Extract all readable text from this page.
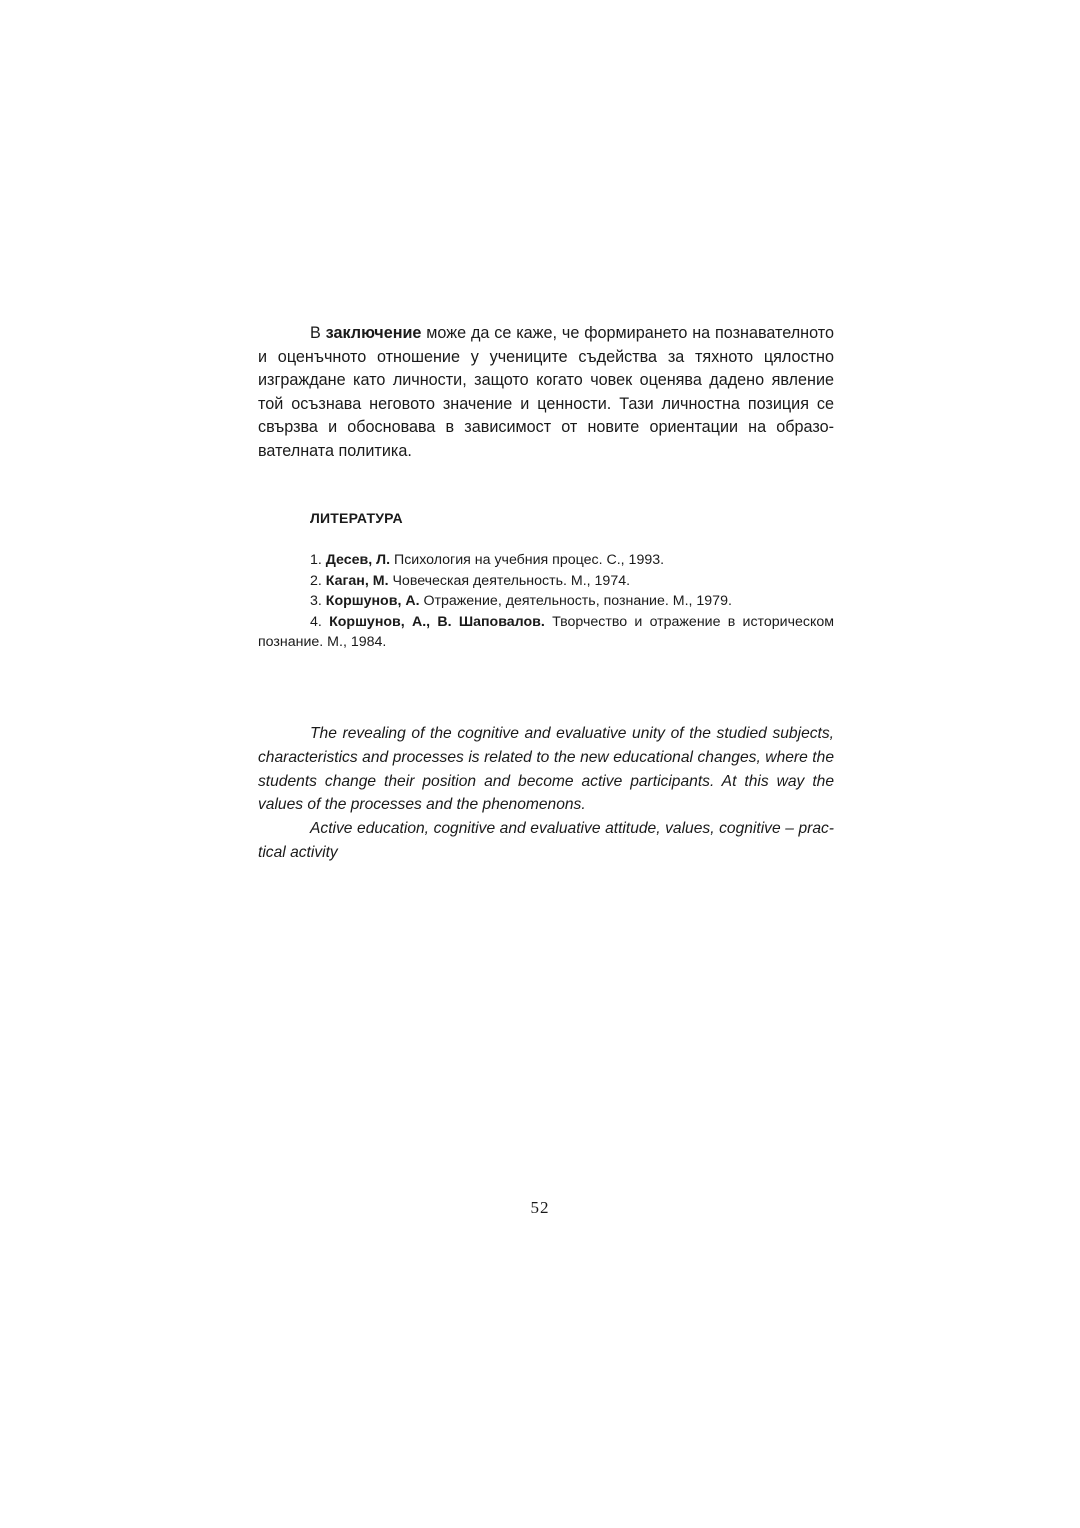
В заключение може да се каже, че формирането на познавателното и оценъчното отношение у учениците съдейства за тяхното цялостно изграждане като личности, защото когато човек оценява дадено явление той осъзнава неговото значение и ценности. Тази личностна позиция се свързва и обосновава в зависимост от новите ориентации на образо-вателната политика.

ЛИТЕРАТУРА
1. Десев, Л. Психология на учебния процес. С., 1993.
2. Каган, М. Човеческая деятельность. М., 1974.
3. Коршунов, А. Отражение, деятельность, познание. М., 1979.
4. Коршунов, А., В. Шаповалов. Творчество и отражение в историческом познание. М., 1984.

The revealing of the cognitive and evaluative unity of the studied subjects, characteristics and processes is related to the new educational changes, where the students change their position and become active participants. At this way the values of the processes and the phenomenons.

Active education, cognitive and evaluative attitude, values, cognitive – prac-tical activity

52
